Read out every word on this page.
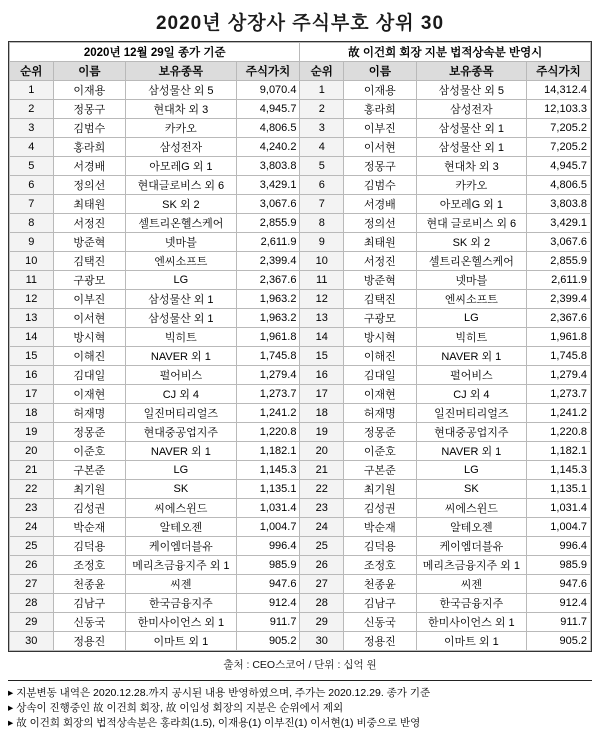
2020년 상장사 주식부호 상위 30
2020년 12월 29일 종가 기준				故 이건희 회장 지분 법적상속분 반영시			
순위	이름	보유종목	주식가치	순위	이름	보유종목	주식가치
1	이재용	삼성물산 외 5	9,070.4	1	이재용	삼성물산 외 5	14,312.4
2	정몽구	현대차 외 3	4,945.7	2	홍라희	삼성전자	12,103.3
3	김범수	카카오	4,806.5	3	이부진	삼성물산 외 1	7,205.2
4	홍라희	삼성전자	4,240.2	4	이서현	삼성물산 외 1	7,205.2
5	서경배	아모레G 외 1	3,803.8	5	정몽구	현대차 외 3	4,945.7
6	정의선	현대글로비스 외 6	3,429.1	6	김범수	카카오	4,806.5
7	최태원	SK 외 2	3,067.6	7	서경배	아모레G 외 1	3,803.8
8	서정진	셀트리온헬스케어	2,855.9	8	정의선	현대 글로비스 외 6	3,429.1
9	방준혁	넷마블	2,611.9	9	최태원	SK 외 2	3,067.6
10	김택진	엔씨소프트	2,399.4	10	서정진	셀트리온헬스케어	2,855.9
11	구광모	LG	2,367.6	11	방준혁	넷마블	2,611.9
12	이부진	삼성물산 외 1	1,963.2	12	김택진	엔씨소프트	2,399.4
13	이서현	삼성물산 외 1	1,963.2	13	구광모	LG	2,367.6
14	방시혁	빅히트	1,961.8	14	방시혁	빅히트	1,961.8
15	이해진	NAVER 외 1	1,745.8	15	이해진	NAVER 외 1	1,745.8
16	김대일	펄어비스	1,279.4	16	김대일	펄어비스	1,279.4
17	이재현	CJ 외 4	1,273.7	17	이재현	CJ 외 4	1,273.7
18	허재명	일진머티리얼즈	1,241.2	18	허재명	일진머티리얼즈	1,241.2
19	정몽준	현대중공업지주	1,220.8	19	정몽준	현대중공업지주	1,220.8
20	이준호	NAVER 외 1	1,182.1	20	이준호	NAVER 외 1	1,182.1
21	구본준	LG	1,145.3	21	구본준	LG	1,145.3
22	최기원	SK	1,135.1	22	최기원	SK	1,135.1
23	김성권	씨에스윈드	1,031.4	23	김성권	씨에스윈드	1,031.4
24	박순재	알테오젠	1,004.7	24	박순재	알테오젠	1,004.7
25	김덕용	케이엠더블유	996.4	25	김덕용	케이엠더블유	996.4
26	조정호	메리츠금융지주 외 1	985.9	26	조정호	메리츠금융지주 외 1	985.9
27	천종윤	씨젠	947.6	27	천종윤	씨젠	947.6
28	김남구	한국금융지주	912.4	28	김남구	한국금융지주	912.4
29	신동국	한미사이언스 외 1	911.7	29	신동국	한미사이언스 외 1	911.7
30	정용진	이마트 외 1	905.2	30	정용진	이마트 외 1	905.2
출처 : CEO스코어 / 단위 : 십억 원
▸ 지분변동 내역은 2020.12.28.까지 공시된 내용 반영하였으며, 주가는 2020.12.29. 종가 기준
▸ 상속이 진행중인 故 이건희 회장, 故 이임성 회장의 지분은 순위에서 제외
▸ 故 이건희 회장의 법적상속분은 홍라희(1.5), 이재용(1) 이부진(1) 이서현(1) 비중으로 반영
